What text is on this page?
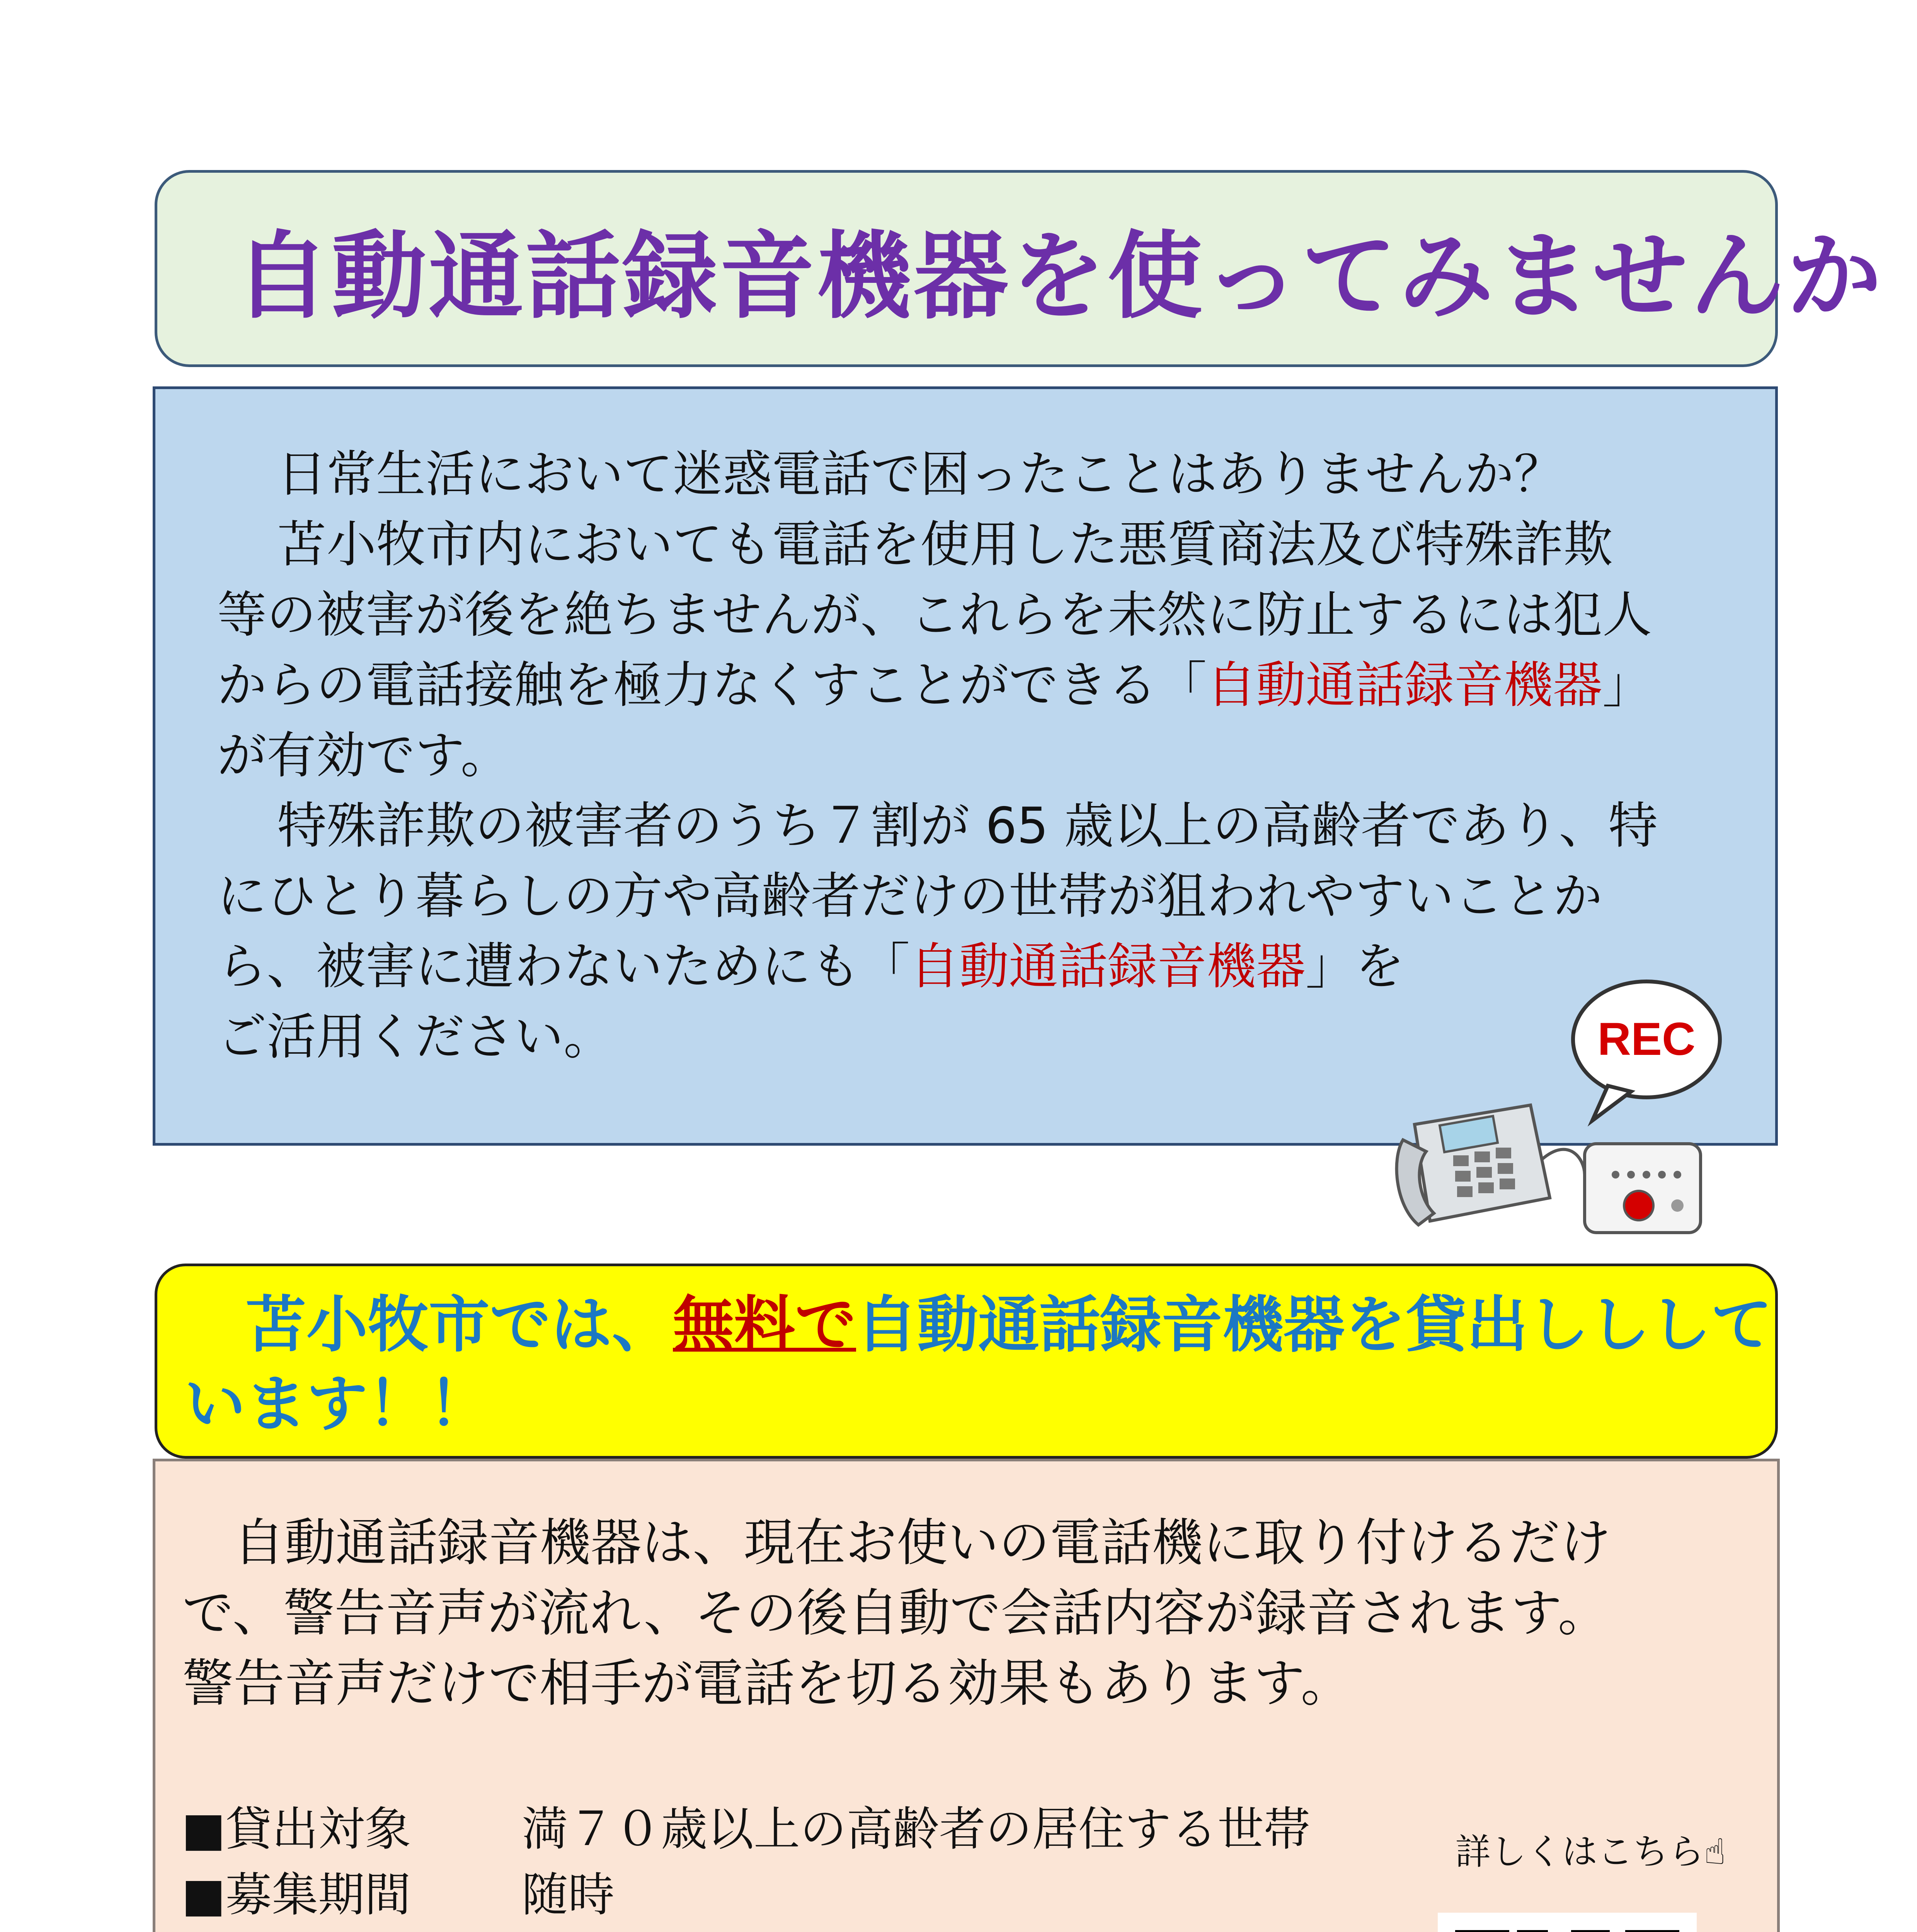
自動通話録音機器を使ってみませんか

日常生活において迷惑電話で困ったことはありませんか？

苫小牧市内においても電話を使用した悪質商法及び特殊詐欺

等の被害が後を絶ちませんが、これらを未然に防止するには犯人

からの電話接触を極力なくすことができる「自動通話録音機器」

が有効です。

特殊詐欺の被害者のうち７割が 65 歳以上の高齢者であり、特

にひとり暮らしの方や高齢者だけの世帯が狙われやすいことか

ら、被害に遭わないためにも「自動通話録音機器」を

ご活用ください。	REC

 苫小牧市では、無料で自動通話録音機器を貸出ししして

います！！

 自動通話録音機器は、現在お使いの電話機に取り付けるだけ

で、警告音声が流れ、その後自動で会話内容が録音されます。

警告音声だけで相手が電話を切る効果もあります。

■貸出対象	満７０歳以上の高齢者の居住する世帯
■募集期間	随時
詳しくはこちら☝
